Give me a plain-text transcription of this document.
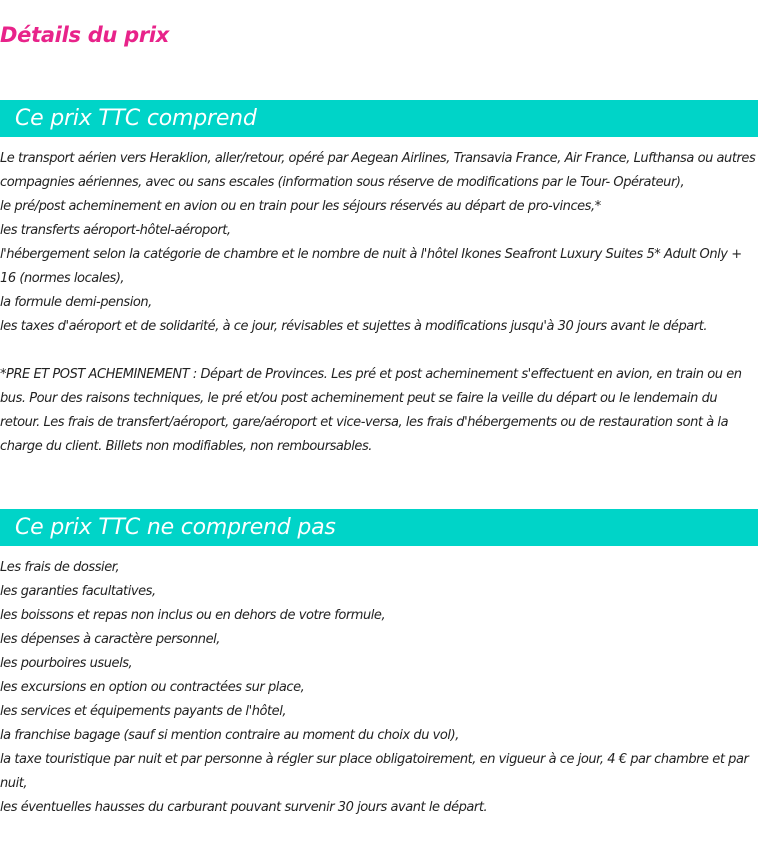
Détails du prix
Ce prix TTC comprend
Le transport aérien vers Heraklion, aller/retour, opéré par Aegean Airlines, Transavia France, Air France, Lufthansa ou autres compagnies aériennes, avec ou sans escales (information sous réserve de modifications par le Tour- Opérateur),
le pré/post acheminement en avion ou en train pour les séjours réservés au départ de pro-vinces,*
les transferts aéroport-hôtel-aéroport,
l'hébergement selon la catégorie de chambre et le nombre de nuit à l'hôtel Ikones Seafront Luxury Suites 5* Adult Only + 16 (normes locales),
la formule demi-pension,
les taxes d'aéroport et de solidarité, à ce jour, révisables et sujettes à modifications jusqu'à 30 jours avant le départ.
*PRE ET POST ACHEMINEMENT : Départ de Provinces. Les pré et post acheminement s'effectuent en avion, en train ou en bus. Pour des raisons techniques, le pré et/ou post acheminement peut se faire la veille du départ ou le lendemain du retour. Les frais de transfert/aéroport, gare/aéroport et vice-versa, les frais d'hébergements ou de restauration sont à la charge du client. Billets non modifiables, non remboursables.
Ce prix TTC ne comprend pas
Les frais de dossier,
les garanties facultatives,
les boissons et repas non inclus ou en dehors de votre formule,
les dépenses à caractère personnel,
les pourboires usuels,
les excursions en option ou contractées sur place,
les services et équipements payants de l'hôtel,
la franchise bagage (sauf si mention contraire au moment du choix du vol),
la taxe touristique par nuit et par personne à régler sur place obligatoirement, en vigueur à ce jour, 4 € par chambre et par nuit,
les éventuelles hausses du carburant pouvant survenir 30 jours avant le départ.
